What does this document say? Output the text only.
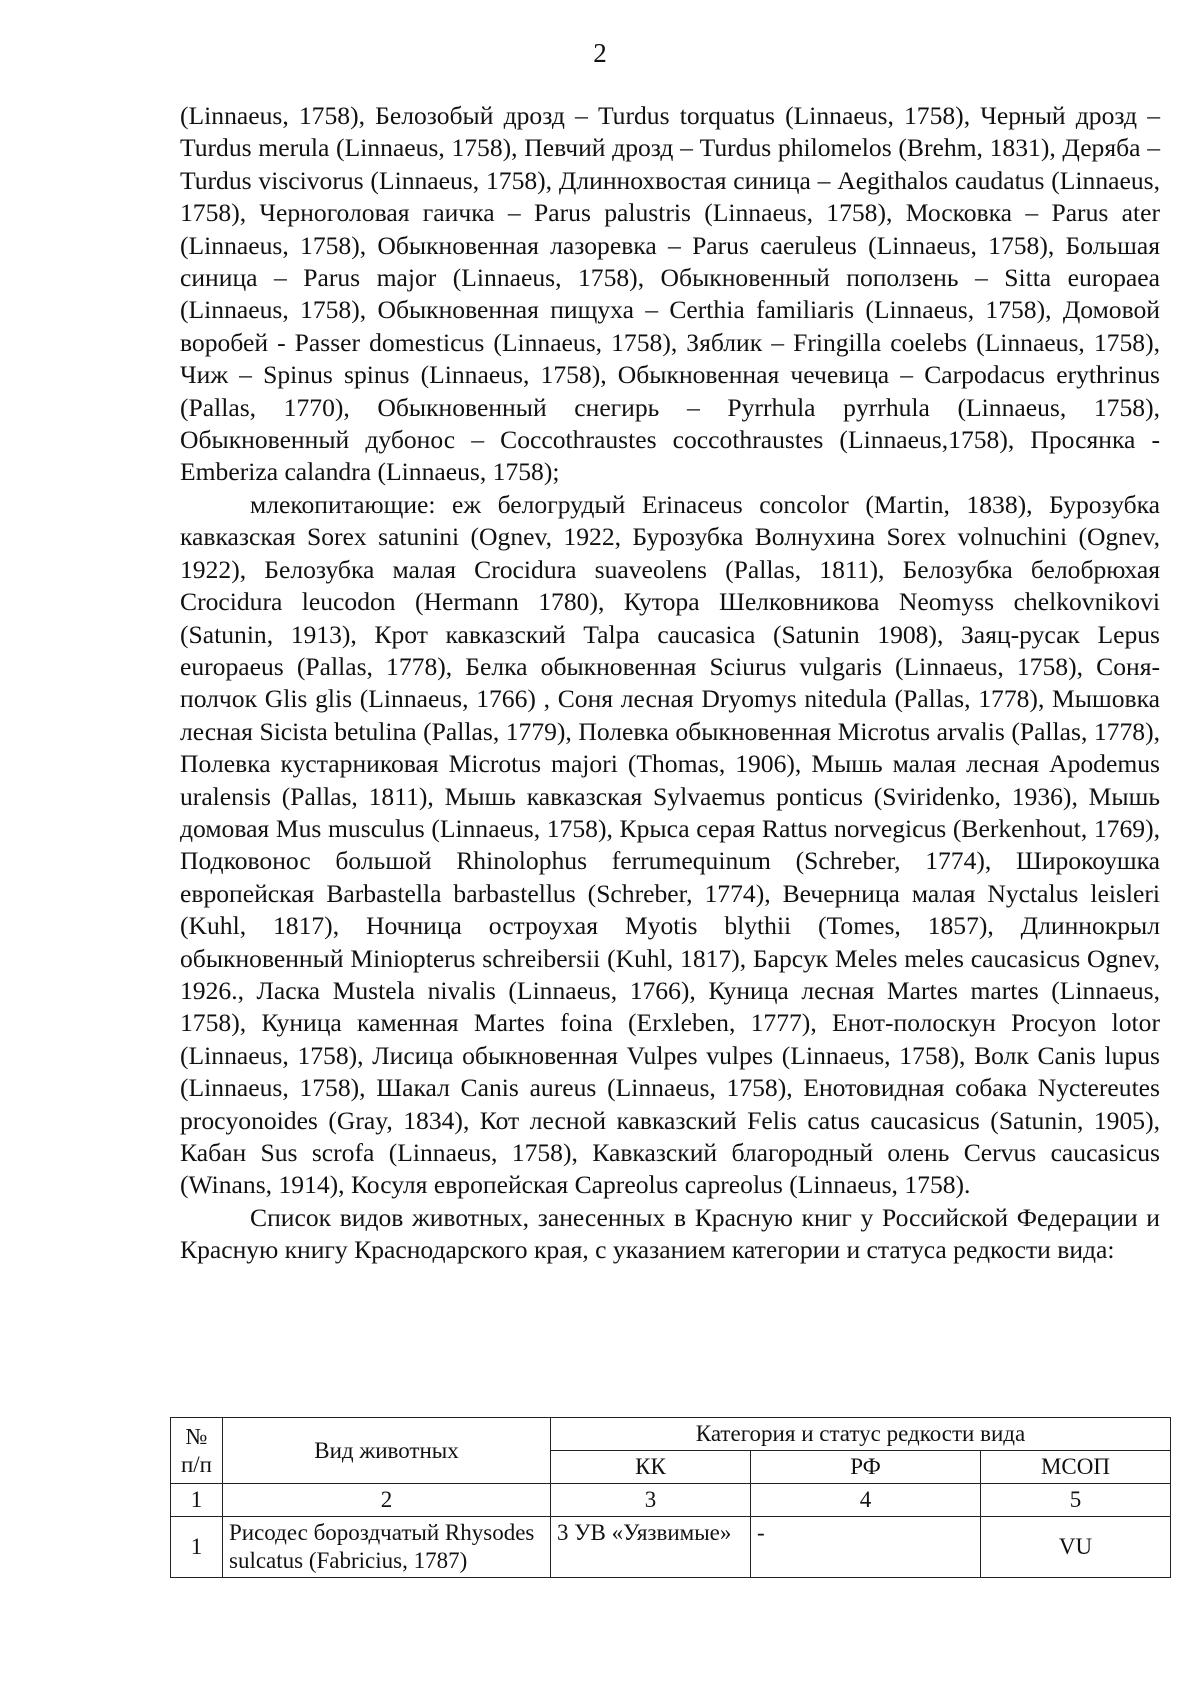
2

(Linnaeus, 1758), Белозобый дрозд – Turdus torquatus (Linnaeus, 1758), Черный дрозд – Turdus merula (Linnaeus, 1758), Певчий дрозд – Turdus philomelos (Brehm, 1831), Деряба – Turdus viscivorus (Linnaeus, 1758), Длиннохвостая синица – Aegithalos caudatus (Linnaeus, 1758), Черноголовая гаичка – Parus palustris (Linnaeus, 1758), Московка – Parus ater (Linnaeus, 1758), Обыкновенная лазоревка – Parus caeruleus (Linnaeus, 1758), Большая синица – Parus major (Linnaeus, 1758), Обыкновенный поползень – Sitta europaea (Linnaeus, 1758), Обыкновенная пищуха – Certhia familiaris (Linnaeus, 1758), Домовой воробей - Passer domesticus (Linnaeus, 1758), Зяблик – Fringilla coelebs (Linnaeus, 1758), Чиж – Spinus spinus (Linnaeus, 1758), Обыкновенная чечевица – Carpodacus erythrinus (Pallas, 1770), Обыкновенный снегирь – Pyrrhula pyrrhula (Linnaeus, 1758), Обыкновенный дубонос – Coccothraustes coccothraustes (Linnaeus,1758), Просянка - Emberiza calandra (Linnaeus, 1758);

млекопитающие: еж белогрудый Erinaceus concolor (Martin, 1838), Бурозубка кавказская Sorex satunini (Ognev, 1922, Бурозубка Волнухина Sorex volnuchini (Ognev, 1922), Белозубка малая Crocidura suaveolens (Pallas, 1811), Белозубка белобрюхая Crocidura leucodon (Hermann 1780), Кутора Шелковникова Neomyss chelkovnikovi (Satunin, 1913), Крот кавказский Talpa caucasica (Satunin 1908), Заяц-русак Lepus europaeus (Pallas, 1778), Белка обыкновенная Sciurus vulgaris (Linnaeus, 1758), Соня-полчок Glis glis (Linnaeus, 1766) , Соня лесная Dryomys nitedula (Pallas, 1778), Мышовка лесная Sicista betulina (Pallas, 1779), Полевка обыкновенная Microtus arvalis (Pallas, 1778), Полевка кустарниковая Microtus majori (Thomas, 1906), Мышь малая лесная Apodemus uralensis (Pallas, 1811), Мышь кавказская Sylvaemus ponticus (Sviridenko, 1936), Мышь домовая Mus musculus (Linnaeus, 1758), Крыса серая Rattus norvegicus (Berkenhout, 1769), Подковонос большой Rhinolophus ferrumequinum (Schreber, 1774), Широкоушка европейская Barbastella barbastellus (Schreber, 1774), Вечерница малая Nyctalus leisleri (Kuhl, 1817), Ночница остроухая Myotis blythii (Tomes, 1857), Длиннокрыл обыкновенный Miniopterus schreibersii (Kuhl, 1817), Барсук Meles meles caucasicus Ognev, 1926., Ласка Mustela nivalis (Linnaeus, 1766), Куница лесная Martes martes (Linnaeus, 1758), Куница каменная Martes foina (Erxleben, 1777), Енот-полоскун Procyon lotor (Linnaeus, 1758), Лисица обыкновенная Vulpes vulpes (Linnaeus, 1758), Волк Canis lupus (Linnaeus, 1758), Шакал Canis aureus (Linnaeus, 1758), Енотовидная собака Nyctereutes procyonoides (Gray, 1834), Кот лесной кавказский Felis catus caucasicus (Satunin, 1905), Кабан Sus scrofa (Linnaeus, 1758), Кавказский благородный олень Cervus caucasicus (Winans, 1914), Косуля европейская Capreolus capreolus (Linnaeus, 1758).

Список видов животных, занесенных в Красную книг у Российской Федерации и Красную книгу Краснодарского края, с указанием категории и статуса редкости вида:

№ п/п	Вид животных	Категория и статус редкости вида		
		КК	РФ	МСОП
1	2	3	4	5
1	Рисодес бороздчатый Rhysodes sulcatus (Fabricius, 1787)	3 УВ «Уязвимые»	-	VU
